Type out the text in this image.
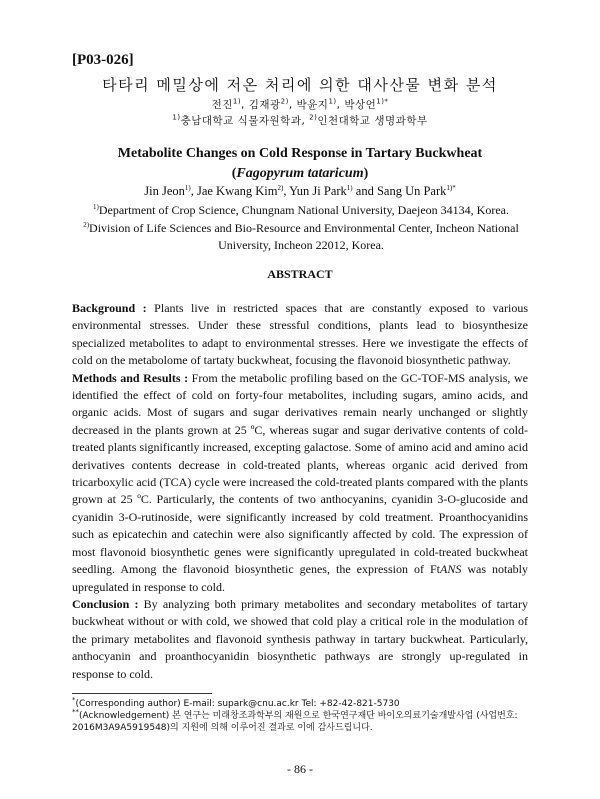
[P03-026]
타타리 메밀상에 저온 처리에 의한 대사산물 변화 분석
전진$^{1)}$, 김재광$^{2)}$, 박윤지$^{1)}$, 박상언$^{1)*}$
$^{1)}$충남대학교 식물자원학과, $^{2)}$인천대학교 생명과학부
Metabolite Changes on Cold Response in Tartary Buckwheat
(Fagopyrum tataricum)
Jin Jeon$^{1)}$, Jae Kwang Kim$^{2)}$, Yun Ji Park$^{1)}$ and Sang Un Park$^{1)*}$
$^{1)}$Department of Crop Science, Chungnam National University, Daejeon 34134, Korea.
$^{2)}$Division of Life Sciences and Bio-Resource and Environmental Center, Incheon National University, Incheon 22012, Korea.
ABSTRACT

Background : Plants live in restricted spaces that are constantly exposed to various environmental stresses. Under these stressful conditions, plants lead to biosynthesize specialized metabolites to adapt to environmental stresses. Here we investigate the effects of cold on the metabolome of tartaty buckwheat, focusing the flavonoid biosynthetic pathway.

Methods and Results : From the metabolic profiling based on the GC-TOF-MS analysis, we identified the effect of cold on forty-four metabolites, including sugars, amino acids, and organic acids. Most of sugars and sugar derivatives remain nearly unchanged or slightly decreased in the plants grown at 25 ºC, whereas sugar and sugar derivative contents of cold-treated plants significantly increased, excepting galactose. Some of amino acid and amino acid derivatives contents decrease in cold-treated plants, whereas organic acid derived from tricarboxylic acid (TCA) cycle were increased the cold-treated plants compared with the plants grown at 25 ºC. Particularly, the contents of two anthocyanins, cyanidin 3-O-glucoside and cyanidin 3-O-rutinoside, were significantly increased by cold treatment. Proanthocyanidins such as epicatechin and catechin were also significantly affected by cold. The expression of most flavonoid biosynthetic genes were significantly upregulated in cold-treated buckwheat seedling. Among the flavonoid biosynthetic genes, the expression of FtANS was notably upregulated in response to cold.

Conclusion : By analyzing both primary metabolites and secondary metabolites of tartary buckwheat without or with cold, we showed that cold play a critical role in the modulation of the primary metabolites and flavonoid synthesis pathway in tartary buckwheat. Particularly, anthocyanin and proanthocyanidin biosynthetic pathways are strongly up-regulated in response to cold.

*(Corresponding author) E-mail: supark@cnu.ac.kr Tel: +82-42-821-5730

**(Acknowledgement) 본 연구는 미래창조과학부의 재원으로 한국연구재단 바이오의료기술개발사업 (사업번호: 2016M3A9A5919548)의 지원에 의해 이루어진 결과로 이에 감사드립니다.

- 86 -
